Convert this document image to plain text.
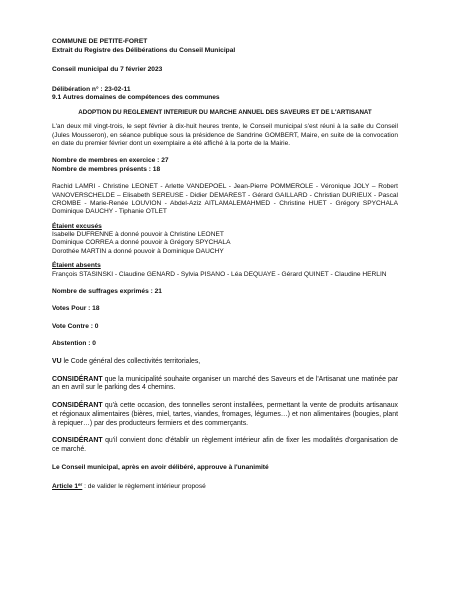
COMMUNE DE PETITE-FORET
Extrait du Registre des Délibérations du Conseil Municipal
Conseil municipal du 7 février 2023
Délibération n° : 23-02-11
9.1 Autres domaines de compétences des communes
ADOPTION DU REGLEMENT INTERIEUR DU MARCHE ANNUEL DES SAVEURS ET DE L'ARTISANAT

L'an deux mil vingt-trois, le sept février à dix-huit heures trente, le Conseil municipal s'est réuni à la salle du Conseil (Jules Mousseron), en séance publique sous la présidence de Sandrine GOMBERT, Maire, en suite de la convocation en date du premier février dont un exemplaire a été affiché à la porte de la Mairie.

Nombre de membres en exercice : 27
Nombre de membres présents : 18

Rachid LAMRI - Christine LEONET - Arlette VANDEPOEL - Jean-Pierre POMMEROLE - Véronique JOLY – Robert VANOVERSCHELDE – Elisabeth SEREUSE - Didier DEMAREST - Gérard GAILLARD - Christian DURIEUX - Pascal CROMBE - Marie-Renée LOUVION - Abdel-Aziz AITLAMALEMAHMED - Christine HUET - Grégory SPYCHALA Dominique DAUCHY - Tiphanie OTLET

Étaient excusés
Isabelle DUFRENNE à donné pouvoir à Christine LEONET
Dominique CORREA a donné pouvoir à Grégory SPYCHALA
Dorothée MARTIN a donné pouvoir à Dominique DAUCHY
Étaient absents
François STASINSKI - Claudine GENARD - Sylvia PISANO - Léa DEQUAYE - Gérard QUINET - Claudine HERLIN
Nombre de suffrages exprimés : 21
Votes Pour : 18
Vote Contre : 0
Abstention : 0

VU le Code général des collectivités territoriales,

CONSIDÉRANT que la municipalité souhaite organiser un marché des Saveurs et de l'Artisanat une matinée par an en avril sur le parking des 4 chemins.

CONSIDÉRANT qu'à cette occasion, des tonnelles seront installées, permettant la vente de produits artisanaux et régionaux alimentaires (bières, miel, tartes, viandes, fromages, légumes…) et non alimentaires (bougies, plant à repiquer…) par des producteurs fermiers et des commerçants.

CONSIDÉRANT qu'il convient donc d'établir un règlement intérieur afin de fixer les modalités d'organisation de ce marché.

Le Conseil municipal, après en avoir délibéré, approuve à l'unanimité
Article 1er : de valider le règlement intérieur proposé
